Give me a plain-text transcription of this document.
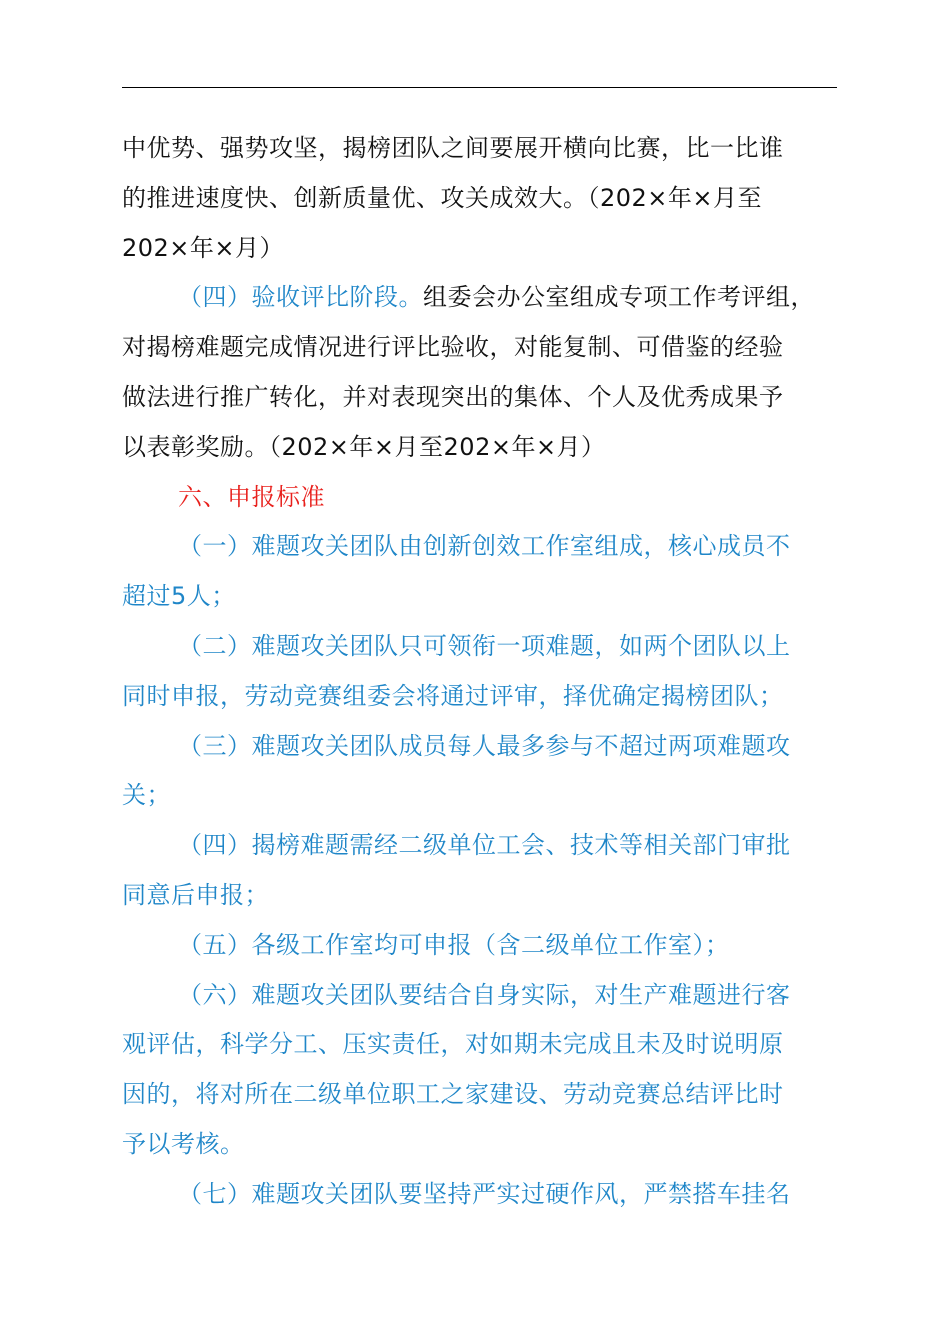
中优势、强势攻坚，揭榜团队之间要展开横向比赛，比一比谁
的推进速度快、创新质量优、攻关成效大。（202×年×月至
202×年×月）
（四）验收评比阶段。组委会办公室组成专项工作考评组，
对揭榜难题完成情况进行评比验收，对能复制、可借鉴的经验
做法进行推广转化，并对表现突出的集体、个人及优秀成果予
以表彰奖励。（202×年×月至202×年×月）
六、申报标准
（一）难题攻关团队由创新创效工作室组成，核心成员不
超过5人；
（二）难题攻关团队只可领衔一项难题，如两个团队以上
同时申报，劳动竞赛组委会将通过评审，择优确定揭榜团队；
（三）难题攻关团队成员每人最多参与不超过两项难题攻
关；
（四）揭榜难题需经二级单位工会、技术等相关部门审批
同意后申报；
（五）各级工作室均可申报（含二级单位工作室）；
（六）难题攻关团队要结合自身实际，对生产难题进行客
观评估，科学分工、压实责任，对如期未完成且未及时说明原
因的，将对所在二级单位职工之家建设、劳动竞赛总结评比时
予以考核。
（七）难题攻关团队要坚持严实过硬作风，严禁搭车挂名
